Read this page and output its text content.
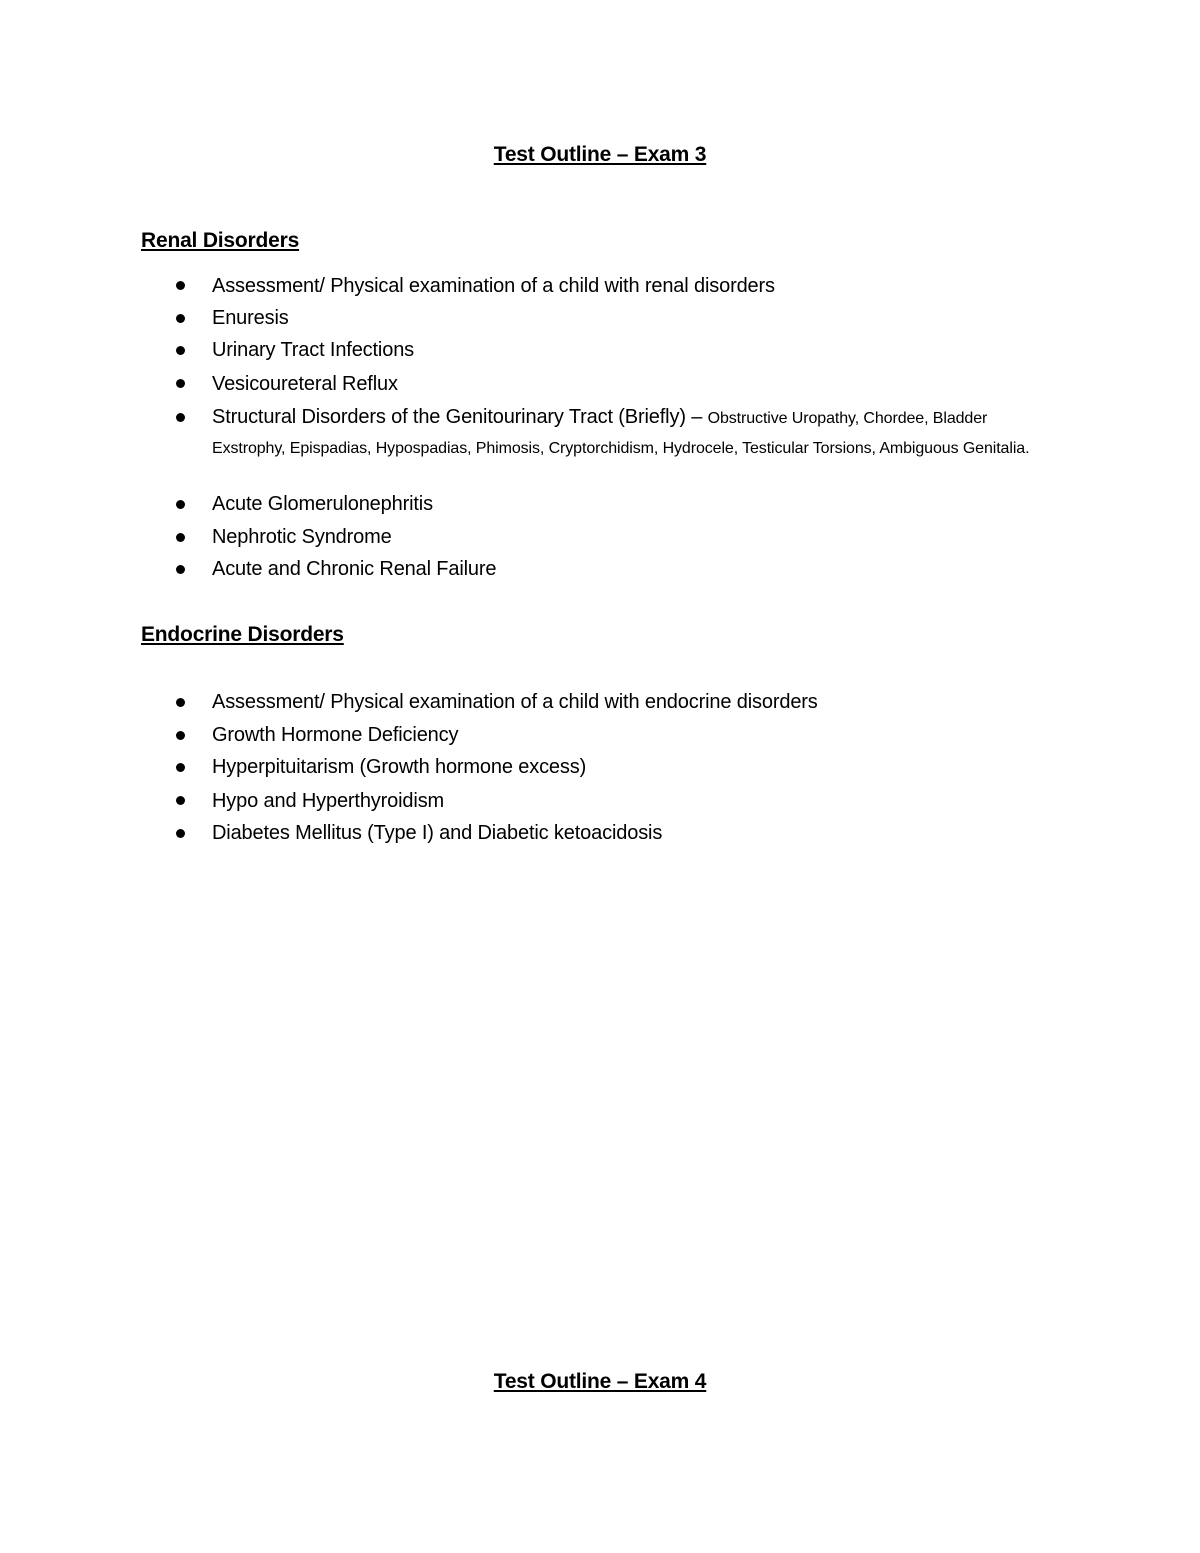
Test Outline – Exam 3
Renal Disorders
Assessment/ Physical examination of a child with renal disorders
Enuresis
Urinary Tract Infections
Vesicoureteral Reflux
Structural Disorders of the Genitourinary Tract (Briefly) – Obstructive Uropathy, Chordee, Bladder Exstrophy, Epispadias, Hypospadias, Phimosis, Cryptorchidism, Hydrocele, Testicular Torsions, Ambiguous Genitalia.
Acute Glomerulonephritis
Nephrotic Syndrome
Acute and Chronic Renal Failure
Endocrine Disorders
Assessment/ Physical examination of a child with endocrine disorders
Growth Hormone Deficiency
Hyperpituitarism (Growth hormone excess)
Hypo and Hyperthyroidism
Diabetes Mellitus (Type I) and Diabetic ketoacidosis
Test Outline – Exam 4
